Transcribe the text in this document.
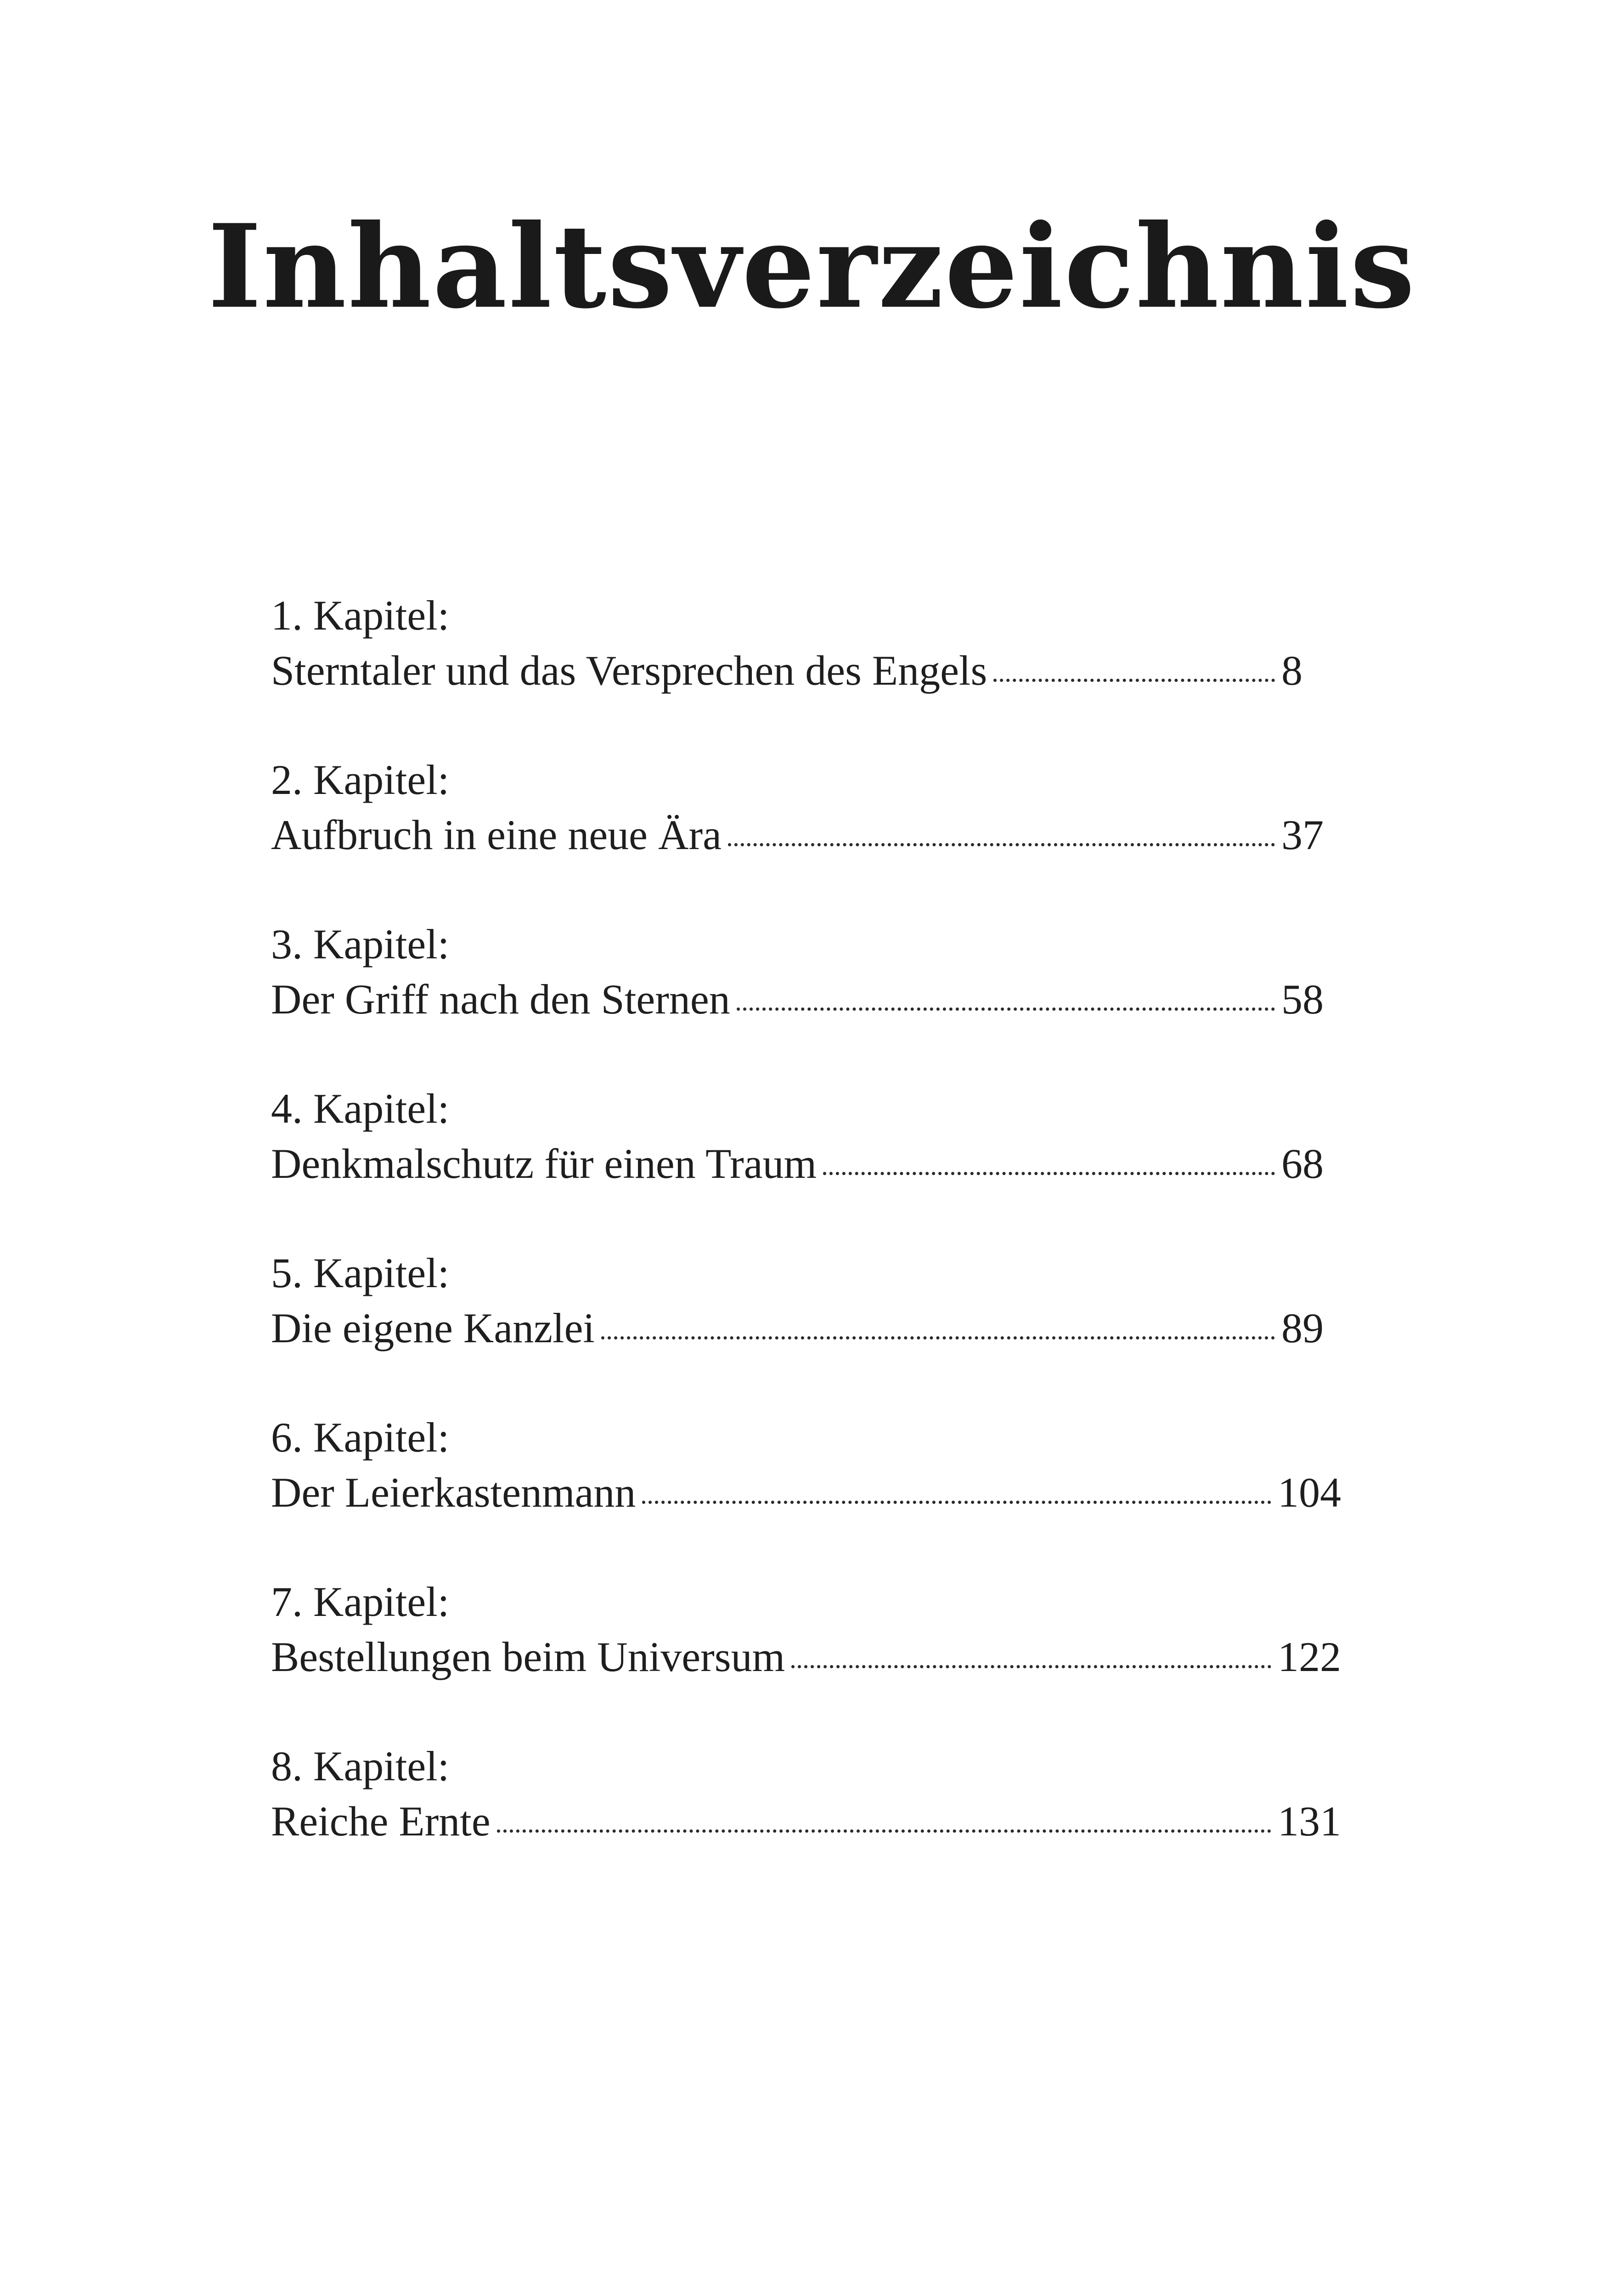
Inhaltsverzeichnis
1. Kapitel:
Sterntaler und das Versprechen des Engels	8
2. Kapitel:
Aufbruch in eine neue Ära	37
3. Kapitel:
Der Griff nach den Sternen	58
4. Kapitel:
Denkmalschutz für einen Traum	68
5. Kapitel:
Die eigene Kanzlei	89
6. Kapitel:
Der Leierkastenmann	104
7. Kapitel:
Bestellungen beim Universum	122
8. Kapitel:
Reiche Ernte	131
